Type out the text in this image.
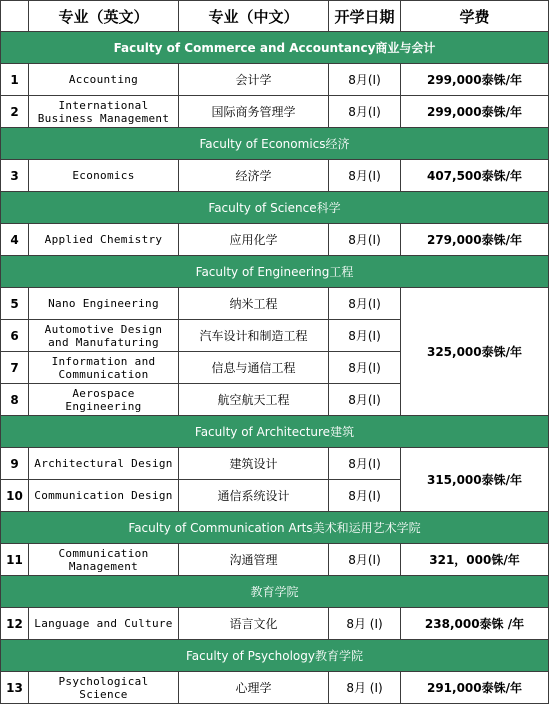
	专业（英文）	专业（中文）	开学日期	学费
Faculty of Commerce and Accountancy商业与会计				
1	Accounting	会计学	8月(I)	299,000泰铢/年
2	International Business Management	国际商务管理学	8月(I)	299,000泰铢/年
Faculty of Economics经济				
3	Economics	经济学	8月(I)	407,500泰铢/年
Faculty of Science科学				
4	Applied Chemistry	应用化学	8月(I)	279,000泰铢/年
Faculty of Engineering工程				
5	Nano Engineering	纳米工程	8月(I)	325,000泰铢/年
6	Automotive Design and Manufaturing	汽车设计和制造工程	8月(I)	
7	Information and Communication	信息与通信工程	8月(I)	
8	Aerospace Engineering	航空航天工程	8月(I)	
Faculty of Architecture建筑				
9	Architectural Design	建筑设计	8月(I)	315,000泰铢/年
10	Communication Design	通信系统设计	8月(I)	
Faculty of Communication Arts美术和运用艺术学院				
11	Communication Management	沟通管理	8月(I)	321，000铢/年
教育学院				
12	Language and Culture	语言文化	8月 (I)	238,000泰铢 /年
Faculty of Psychology教育学院				
13	Psychological Science	心理学	8月 (I)	291,000泰铢/年
